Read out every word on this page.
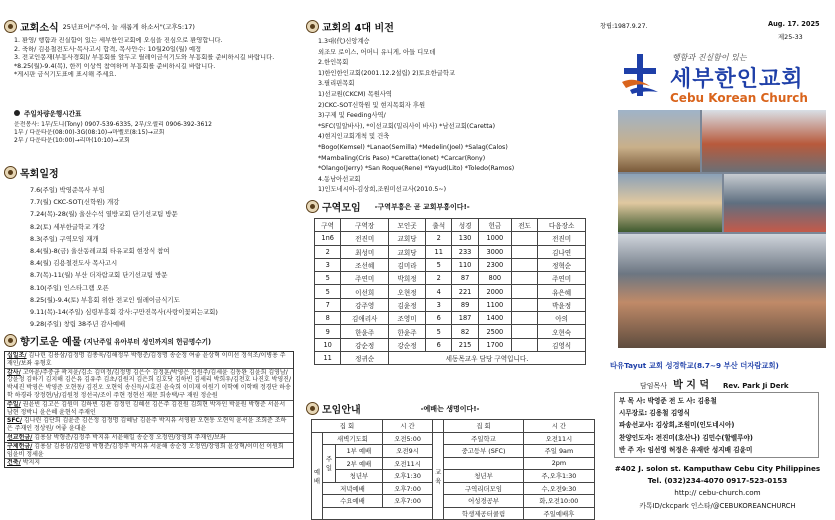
교회소식 25년표어/"주여, 늘 새롭게 하소서"(고후5:17)
1. 환영/ 행함과 진실함이 있는 세부한인교회에 오심을 진심으로 환영합니다.
2. 축하/ 김용철전도사·목사고시 합격, 목사안수: 10월20일(월) 예정
3. 전교인봉재(부흥사경회)/ 부흥회를 앞두고 릴레이금식기도와 부흥회를 준비하시길 바랍니다.
*8.25(월)-9.4(목), 한끼 이상씩 참여하며 부흥회를 준비하시길 바랍니다.
*게시판 금식기도표에 표시해 주세요.
주일차량운행시간표
운전봉사: 1부/도니(Tony) 0907-539-6335, 2부/오셀리 0906-392-3612
1부 / 다운타운(08:00)-3G(08:10)→마벨로(8:15)→교회
2부 / 다운타운(10:00)→리마(10:10)→교회
목회일정
7.6(주일) 박영준목사 부임
7.7(월) CKC-SOT(신학원) 개강
7.24(목)-28(월) 울산수석 열방교회 단기선교팀 방문
8.2(토) 세부한글학교 개강
8.3(주일) 구역모임 재개
8.4(월)-8(금) 울산동레교회 타유교회 현장식 참여
8.4(월) 김용철전도사 목사고시
8.7(목)-11(월) 부산 더자람교회 단기선교팀 방문
8.10(주일) 인스타그램 오픈
8.25(월)-9.4(토) 부흥회 위한 전교인 릴레이금식기도
9.11(목)-14(주일) 심령부흥회 강사:구만진목사(사랑이꽃피는교회)
9.28(주일) 창립 38주년 감사예배
향기로운 예물 (지난주일 유아부터 성인까지의 헌금명수기)
십일조/ 김나린 김용삼/김정명 김종욱/김해정부 박형준/김정명 송순정 여좋 윤상혁 이미선 정석조/이병용 주재인/보좌 유형호
감사/ 고아윤/주중금 곽지윤/김소 김미정/김정명 김은수 김정훈/박영은 김원주/김세윤 김동완 김윤희 김영남/강윤정 김하기 김지해 김은유 김유주 김초/김원지 김은희 김호닷 김하빈 김세리 박희우/김천호 나진호 박영진/박세진 박영은 박영준 오현동/ 김진오 오현익 송신득/시효진 윤숙희 이미재 이원기 이학예 이학배 정경단 하송학 하경라 장정현/남/김원청 정선국/조이 주현 정현선 재문 희송택/구 재원 정순원
주일/ 권윤빈 김고은 김원미 김하빈 김관 김정민 김혜선 김은주 김진원 김희현 박자인 박윤원 박형준 서윤서 남현 정박니 윤은혜 윤현석 주재인
SFC/ 김나린 김단희 김윤준 김은정 김정명 김혜남 김윤주 박지유 서영환 오현동 오현익 윤서윤 조희준 조하은 주재인 정상원/ 여좋 윤대윤
선교헌금/ 김용삼 박형준/김정주 박지유 서윤해일 송순정 오정연/장영희 주재인/보좌
구제헌금/ 김용삼 김용삼/김한영 박형준/김정주 박지유 서윤해 송순정 오정연/장영희 윤상혁/이미선 이원희 임윤비 정세윤
건축/ 박지지
교회의 4대 비전
1.3대(代)신앙계승
외조모 로이스, 어머니 유니게, 아들 디모데
2.한인목회
1)한인한인교회(2001.12.2설립) 2)토요한글학교
3.필리핀목회
1)선교원(CKCM) 목원사역
2)CKC-SOT신학원 및 현지목회자 후원
3)구제 및 Feeding사역/
*SFC(밀알바사), *이선교회(밀리사이 바사) *남선교회(Caretta)
4)현지인교회개척 및 건축
*Bogo(Kemsel) *Lanao(Semilla) *Medelin(Joel) *Salag(Calos)
*Mambaling(Cris Paso) *Caretta(Ionet) *Carcar(Rony)
*Olango(Jerry) *San Roque(Rene) *Yayud(Lito) *Toledo(Ramos)
4.동남아선교회
1)인도네시아-김상희,조원미선교사(2010.5~)
구역모임 -구역부흥은 곧 교회부흥이다!-
구역	구역장	모인곳	출석	성경	헌금	전도	다음장소
1n6	전진미	교회당	2	130	1000		전진미
2	최성미	교회당	11	233	3000		김나연
3	조선혜	김미라	5	110	2300		정혁순
5	주연미	박희정	2	87	800		주연미
5	이선희	오현정	4	221	2000		유은혜
7	강주영	김윤정	3	89	1100		박윤정
8	김애리사	조영미	6	187	1400		아의
9	한윤주	한윤주	5	82	2500		오현숙
10	강순정	강순정	6	215	1700		김영식
11	정귀순	세동목교우 담당 구역입니다.					
모임안내	-예배는 생명이다!-
집 회			시 간		집 회	시 간
예배	새벽기도회		오전5:00	교육	주일학교	오전11시
	주일	1부 예배	오전9시		중고등부 (SFC)	주일 9am
		2부 예배	오전11시			2pm
		청년부	오후1:30		청년부	주,오후1:30
	저녁예배		오후7:00		구역리더모임	수,오전9:30
	수요예배		오후7:00		어성경공부	화,오전10:00
					학생제공터쿨림	주일예배후
창립:1987.9.27.	Aug. 17. 2025
제25-33
행함과 진실함이 있는
세부한인교회
Cebu Korean Church
타유Tayut 교회 성경학교(8.7~9 부산 더자람교회)
담임목사 박 지 덕 Rev. Park Ji Derk
부 목 사: 박영준 전 도 사: 김용철
시무장로: 김용철 김영식
파송선교사: 김상희,조원미(인도네시아)
찬양인도자: 전진미(호산나) 김민수(할렐루야)
반 주 자: 임선영 허정은 유재란 성지배 김윤미
#402 J. solon st. Kamputhaw Cebu City Philippines
Tel. (032)234-4070 0917-523-0153
http:// cebu-church.com
카톡ID/ckcpark 인스타/@CEBUKOREANCHURCH
